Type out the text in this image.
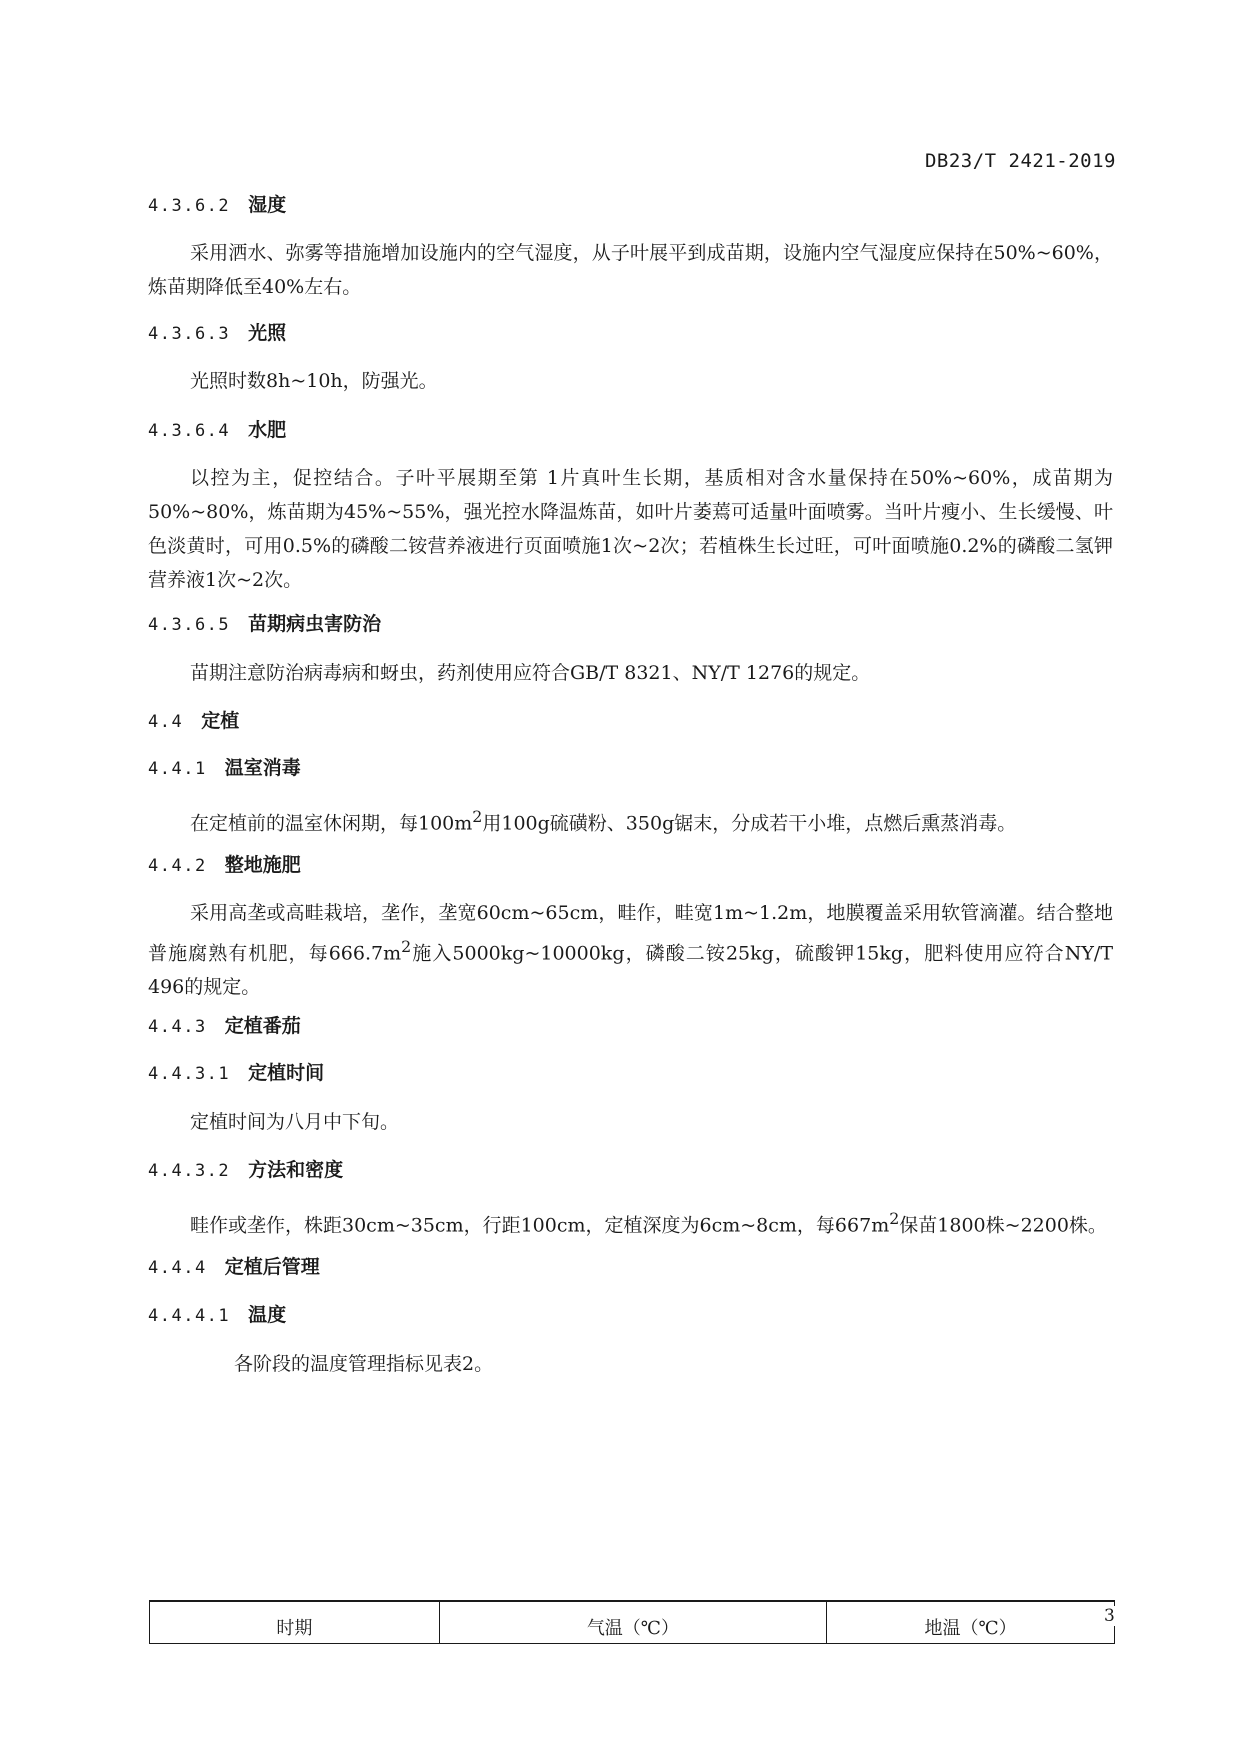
DB23/T 2421-2019
4.3.6.2 湿度

采用洒水、弥雾等措施增加设施内的空气湿度，从子叶展平到成苗期，设施内空气湿度应保持在50%~60%，炼苗期降低至40%左右。

4.3.6.3 光照

光照时数8h~10h，防强光。

4.3.6.4 水肥

以控为主，促控结合。子叶平展期至第 1片真叶生长期，基质相对含水量保持在50%~60%，成苗期为50%~80%，炼苗期为45%~55%，强光控水降温炼苗，如叶片萎蔫可适量叶面喷雾。当叶片瘦小、生长缓慢、叶色淡黄时，可用0.5%的磷酸二铵营养液进行页面喷施1次~2次；若植株生长过旺，可叶面喷施0.2%的磷酸二氢钾营养液1次~2次。

4.3.6.5 苗期病虫害防治

苗期注意防治病毒病和蚜虫，药剂使用应符合GB/T 8321、NY/T 1276的规定。

4.4 定植
4.4.1 温室消毒

在定植前的温室休闲期，每$100m^2$用100g硫磺粉、350g锯末，分成若干小堆，点燃后熏蒸消毒。

4.4.2 整地施肥

采用高垄或高畦栽培，垄作，垄宽60cm~65cm，畦作，畦宽1m~1.2m，地膜覆盖采用软管滴灌。结合整地普施腐熟有机肥，每$666.7m^2$施入5000kg~10000kg，磷酸二铵25kg，硫酸钾15kg，肥料使用应符合NY/T 496的规定。

4.4.3 定植番茄
4.4.3.1 定植时间

定植时间为八月中下旬。

4.4.3.2 方法和密度

畦作或垄作，株距30cm~35cm，行距100cm，定植深度为6cm~8cm，每$667m^2$保苗1800株~2200株。

4.4.4 定植后管理
4.4.4.1 温度

各阶段的温度管理指标见表2。

时期	气温（℃）	地温（℃）
3
